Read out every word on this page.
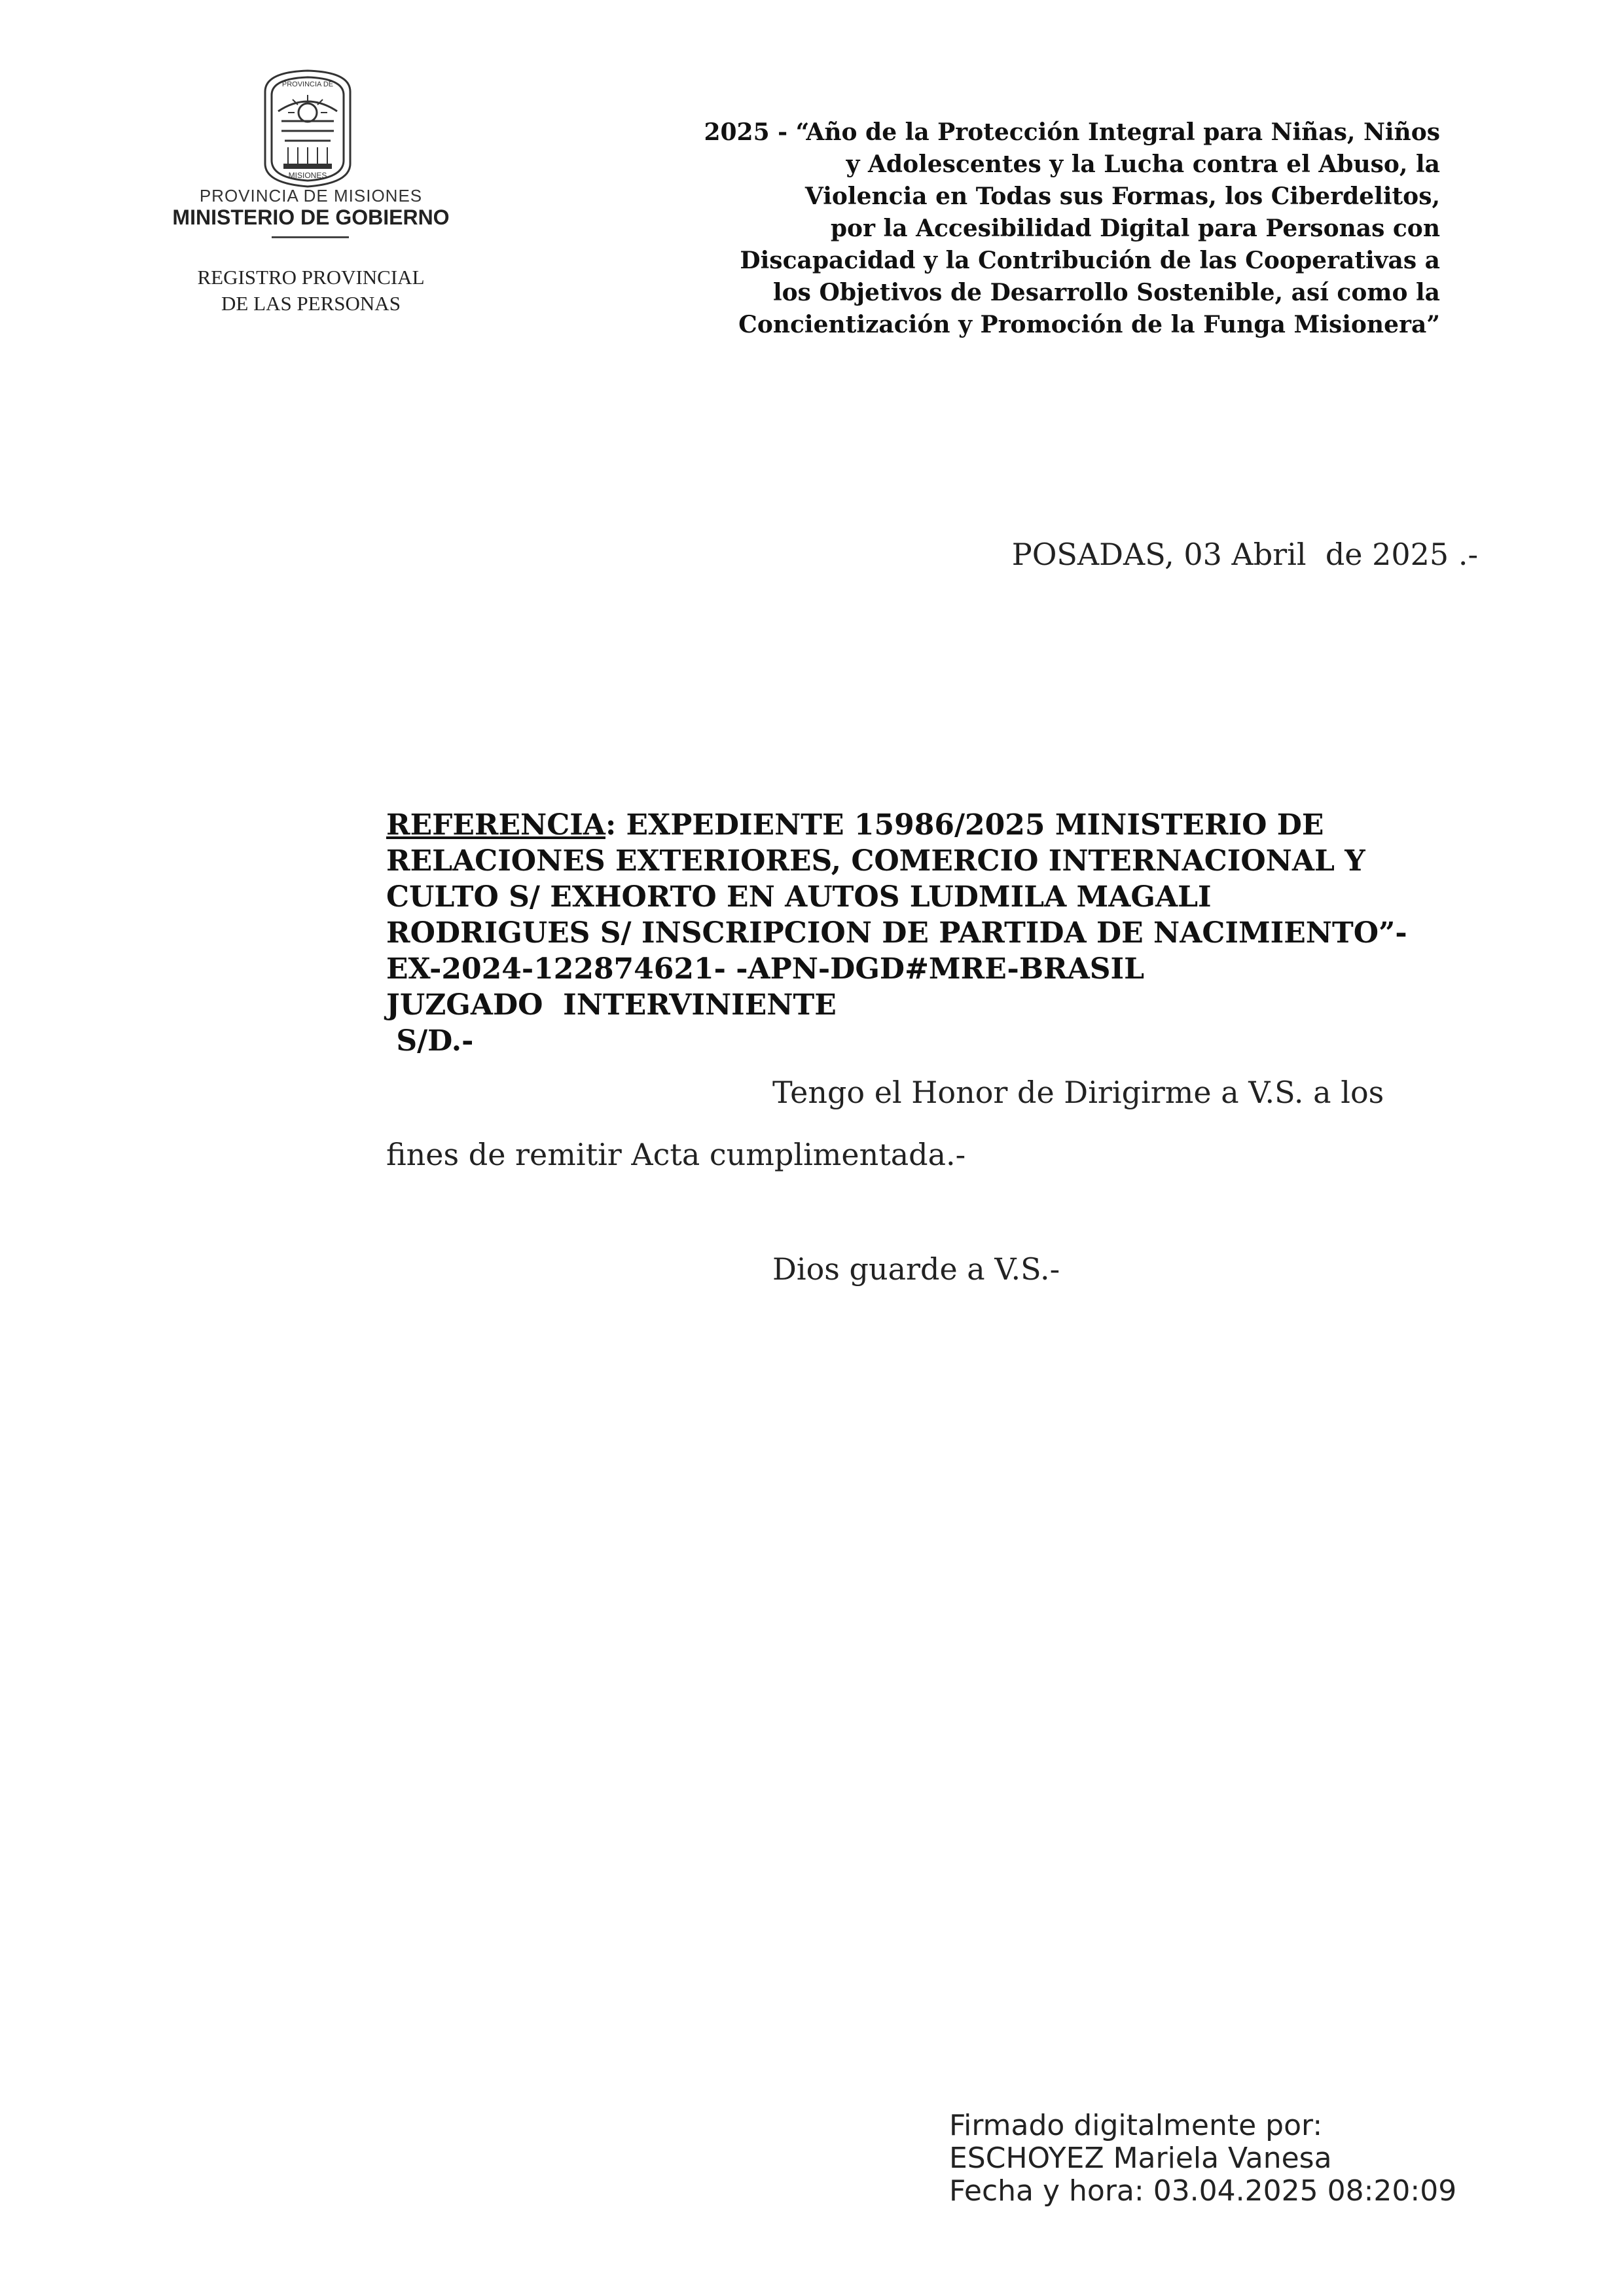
PROVINCIA DE
MISIONES
PROVINCIA DE MISIONES
MINISTERIO DE GOBIERNO
REGISTRO PROVINCIAL
DE LAS PERSONAS
2025 - “Año de la Protección Integral para Niñas, Niños
y Adolescentes y la Lucha contra el Abuso, la
Violencia en Todas sus Formas, los Ciberdelitos,
por la Accesibilidad Digital para Personas con
Discapacidad y la Contribución de las Cooperativas a
los Objetivos de Desarrollo Sostenible, así como la
Concientización y Promoción de la Funga Misionera”
POSADAS, 03 Abril  de 2025 .-
REFERENCIA: EXPEDIENTE 15986/2025 MINISTERIO DE
RELACIONES EXTERIORES, COMERCIO INTERNACIONAL Y
CULTO S/ EXHORTO EN AUTOS LUDMILA MAGALI
RODRIGUES S/ INSCRIPCION DE PARTIDA DE NACIMIENTO”-
EX-2024-122874621- -APN-DGD#MRE-BRASIL
JUZGADO  INTERVINIENTE
S/D.-
Tengo el Honor de Dirigirme a V.S. a los
fines de remitir Acta cumplimentada.-
Dios guarde a V.S.-
Firmado digitalmente por:
ESCHOYEZ Mariela Vanesa
Fecha y hora: 03.04.2025 08:20:09
